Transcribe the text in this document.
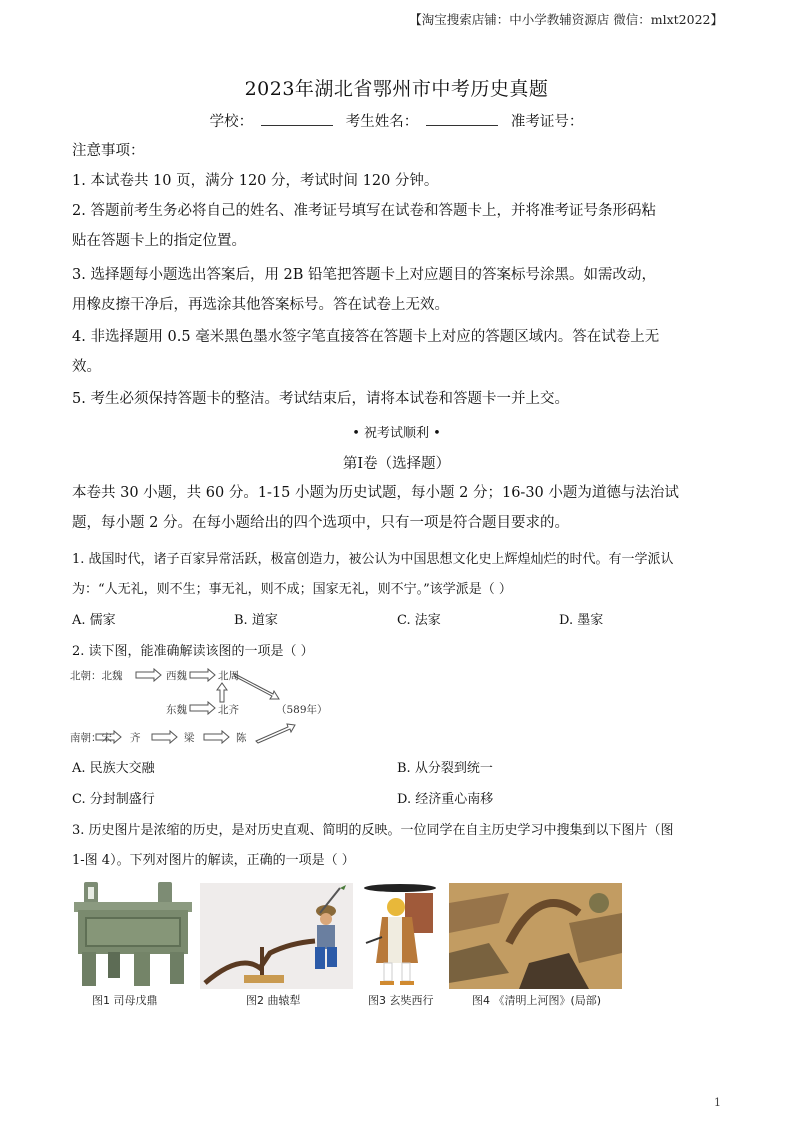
【淘宝搜索店铺：中小学教辅资源店 微信：mlxt2022】
2023年湖北省鄂州市中考历史真题
学校：	考生姓名：	准考证号：
注意事项：
1. 本试卷共 10 页，满分 120 分，考试时间 120 分钟。
2. 答题前考生务必将自己的姓名、准考证号填写在试卷和答题卡上，并将准考证号条形码粘
贴在答题卡上的指定位置。
3. 选择题每小题选出答案后，用 2B 铅笔把答题卡上对应题目的答案标号涂黑。如需改动，
用橡皮擦干净后，再选涂其他答案标号。答在试卷上无效。
4. 非选择题用 0.5 毫米黑色墨水签字笔直接答在答题卡上对应的答题区域内。答在试卷上无
效。
5. 考生必须保持答题卡的整洁。考试结束后，请将本试卷和答题卡一并上交。
• 祝考试顺利 •
第Ⅰ卷（选择题）
本卷共 30 小题，共 60 分。1-15 小题为历史试题，每小题 2 分；16-30 小题为道德与法治试
题，每小题 2 分。在每小题给出的四个选项中，只有一项是符合题目要求的。
1. 战国时代，诸子百家异常活跃，极富创造力，被公认为中国思想文化史上辉煌灿烂的时代。有一学派认
为：“人无礼，则不生；事无礼，则不成；国家无礼，则不宁。”该学派是（ ）
A. 儒家	B. 道家	C. 法家	D. 墨家
2. 读下图，能准确解读该图的一项是（ ）
北朝：北魏	西魏	北周
东魏	北齐	（589年）
南朝：宋 齐	梁	陈
A. 民族大交融	B. 从分裂到统一
C. 分封制盛行	D. 经济重心南移
3. 历史图片是浓缩的历史，是对历史直观、简明的反映。一位同学在自主历史学习中搜集到以下图片（图
1-图 4）。下列对图片的解读，正确的一项是（ ）
图1 司母戊鼎	图2 曲辕犁	图3 玄奘西行	图4 《清明上河图》(局部)
1
